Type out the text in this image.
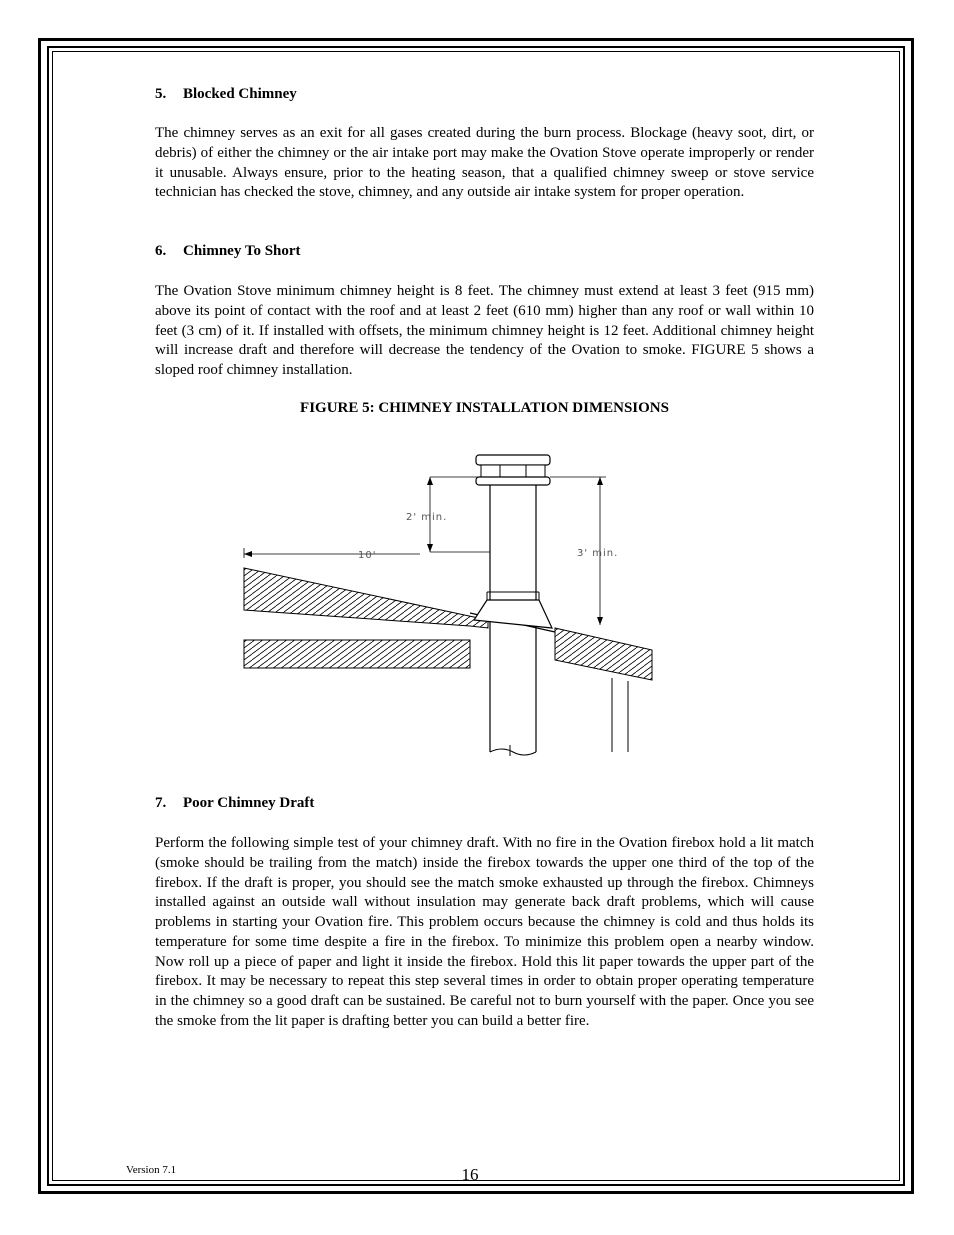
5. Blocked Chimney

The chimney serves as an exit for all gases created during the burn process. Blockage (heavy soot, dirt, or debris) of either the chimney or the air intake port may make the Ovation Stove operate improperly or render it unusable. Always ensure, prior to the heating season, that a qualified chimney sweep or stove service technician has checked the stove, chimney, and any outside air intake system for proper operation.

6. Chimney To Short

The Ovation Stove minimum chimney height is 8 feet. The chimney must extend at least 3 feet (915 mm) above its point of contact with the roof and at least 2 feet (610 mm) higher than any roof or wall within 10 feet (3 cm) of it. If installed with offsets, the minimum chimney height is 12 feet. Additional chimney height will increase draft and therefore will decrease the tendency of the Ovation to smoke. FIGURE 5 shows a sloped roof chimney installation.

FIGURE 5: CHIMNEY INSTALLATION DIMENSIONS
2' min.
10'	3' min.
7. Poor Chimney Draft

Perform the following simple test of your chimney draft. With no fire in the Ovation firebox hold a lit match (smoke should be trailing from the match) inside the firebox towards the upper one third of the top of the firebox. If the draft is proper, you should see the match smoke exhausted up through the firebox. Chimneys installed against an outside wall without insulation may generate back draft problems, which will cause problems in starting your Ovation fire. This problem occurs because the chimney is cold and thus holds its temperature for some time despite a fire in the firebox. To minimize this problem open a nearby window. Now roll up a piece of paper and light it inside the firebox. Hold this lit paper towards the upper part of the firebox. It may be necessary to repeat this step several times in order to obtain proper operating temperature in the chimney so a good draft can be sustained. Be careful not to burn yourself with the paper. Once you see the smoke from the lit paper is drafting better you can build a better fire.

Version 7.1	16
